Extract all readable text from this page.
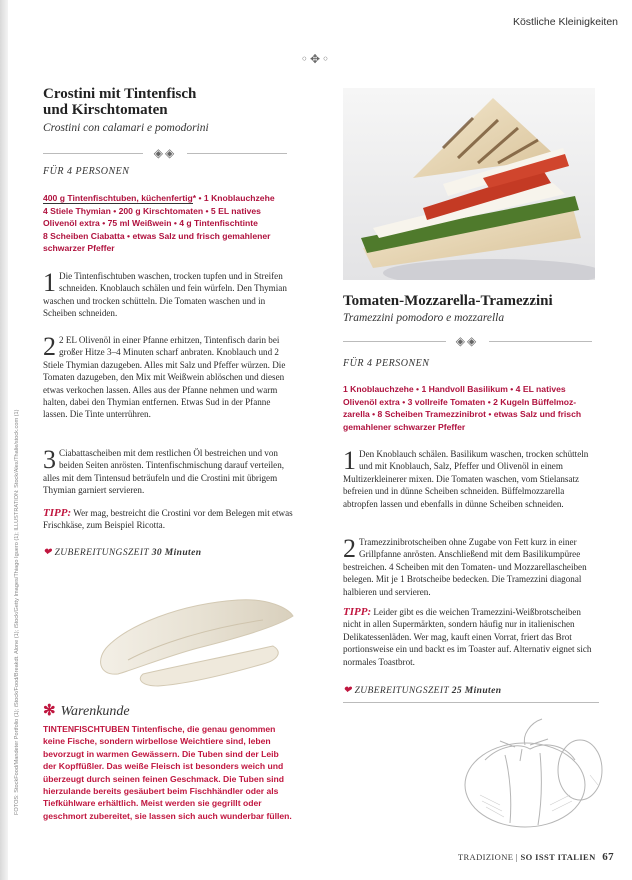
Köstliche Kleinigkeiten
◦✥◦
FOTOS: StockFood/Mandeter Portfolio (1); iStock/Food/Breakdt. Alone (1); iStock/Getty Images/Thiago Iguero (1); ILLUSTRATION: Stock/Alex/Thalie/stock.com (1)
Crostini mit Tintenfisch
und Kirschtomaten
Crostini con calamari e pomodorini
◈◈
FÜR 4 PERSONEN
400 g Tintenfischtuben, küchenfertig* • 1 Knoblauchzehe
4 Stiele Thymian • 200 g Kirschtomaten • 5 EL natives
Olivenöl extra • 75 ml Weißwein • 4 g Tintenfischtinte
8 Scheiben Ciabatta • etwas Salz und frisch gemahlener
schwarzer Pfeffer
1 Die Tintenfischtuben waschen, trocken tupfen und in Streifen schneiden. Knoblauch schälen und fein würfeln. Den Thymian waschen und trocken schütteln. Die Tomaten waschen und in Scheiben schneiden.
2 2 EL Olivenöl in einer Pfanne erhitzen, Tintenfisch darin bei großer Hitze 3–4 Minuten scharf anbraten. Knoblauch und 2 Stiele Thymian dazugeben. Alles mit Salz und Pfeffer würzen. Die Tomaten dazugeben, den Mix mit Weißwein ablöschen und diesen etwas verkochen lassen. Alles aus der Pfanne nehmen und warm halten, dabei den Thymian entfernen. Etwas Sud in der Pfanne lassen. Die Tinte unterrühren.
3 Ciabattascheiben mit dem restlichen Öl bestreichen und von beiden Seiten anrösten. Tintenfischmischung darauf verteilen, alles mit dem Tintensud beträufeln und die Crostini mit übrigem Thymian garniert servieren.
TIPP: Wer mag, bestreicht die Crostini vor dem Belegen mit etwas Frischkäse, zum Beispiel Ricotta.
❤ ZUBEREITUNGSZEIT 30 Minuten
✻ Warenkunde
TINTENFISCHTUBEN Tintenfische, die genau genommen keine Fische, sondern wirbellose Weichtiere sind, leben bevorzugt in warmen Gewässern. Die Tuben sind der Leib der Kopffüßler. Das weiße Fleisch ist besonders weich und überzeugt durch seinen feinen Geschmack. Die Tuben sind hierzulande bereits gesäubert beim Fischhändler oder als Tiefkühlware erhältlich. Meist werden sie gegrillt oder geschmort zubereitet, sie lassen sich auch wunderbar füllen.
Tomaten-Mozzarella-Tramezzini
Tramezzini pomodoro e mozzarella
◈◈
FÜR 4 PERSONEN
1 Knoblauchzehe • 1 Handvoll Basilikum • 4 EL natives
Olivenöl extra • 3 vollreife Tomaten • 2 Kugeln Büffelmoz-
zarella • 8 Scheiben Tramezzinibrot • etwas Salz und frisch
gemahlener schwarzer Pfeffer
1 Den Knoblauch schälen. Basilikum waschen, trocken schütteln und mit Knoblauch, Salz, Pfeffer und Olivenöl in einem Multizerkleinerer mixen. Die Tomaten waschen, vom Stielansatz befreien und in dünne Scheiben schneiden. Büffelmozzarella abtropfen lassen und ebenfalls in dünne Scheiben schneiden.
2 Tramezzinibrotscheiben ohne Zugabe von Fett kurz in einer Grillpfanne anrösten. Anschließend mit dem Basilikumpüree bestreichen. 4 Scheiben mit den Tomaten- und Mozzarellascheiben belegen. Mit je 1 Brotscheibe bedecken. Die Tramezzini diagonal halbieren und servieren.
TIPP: Leider gibt es die weichen Tramezzini-Weißbrotscheiben nicht in allen Supermärkten, sondern häufig nur in italienischen Delikatessenläden. Wer mag, kauft einen Vorrat, friert das Brot portionsweise ein und backt es im Toaster auf. Alternativ eignet sich normales Toastbrot.
❤ ZUBEREITUNGSZEIT 25 Minuten
TRADIZIONE | SO ISST ITALIEN 67
